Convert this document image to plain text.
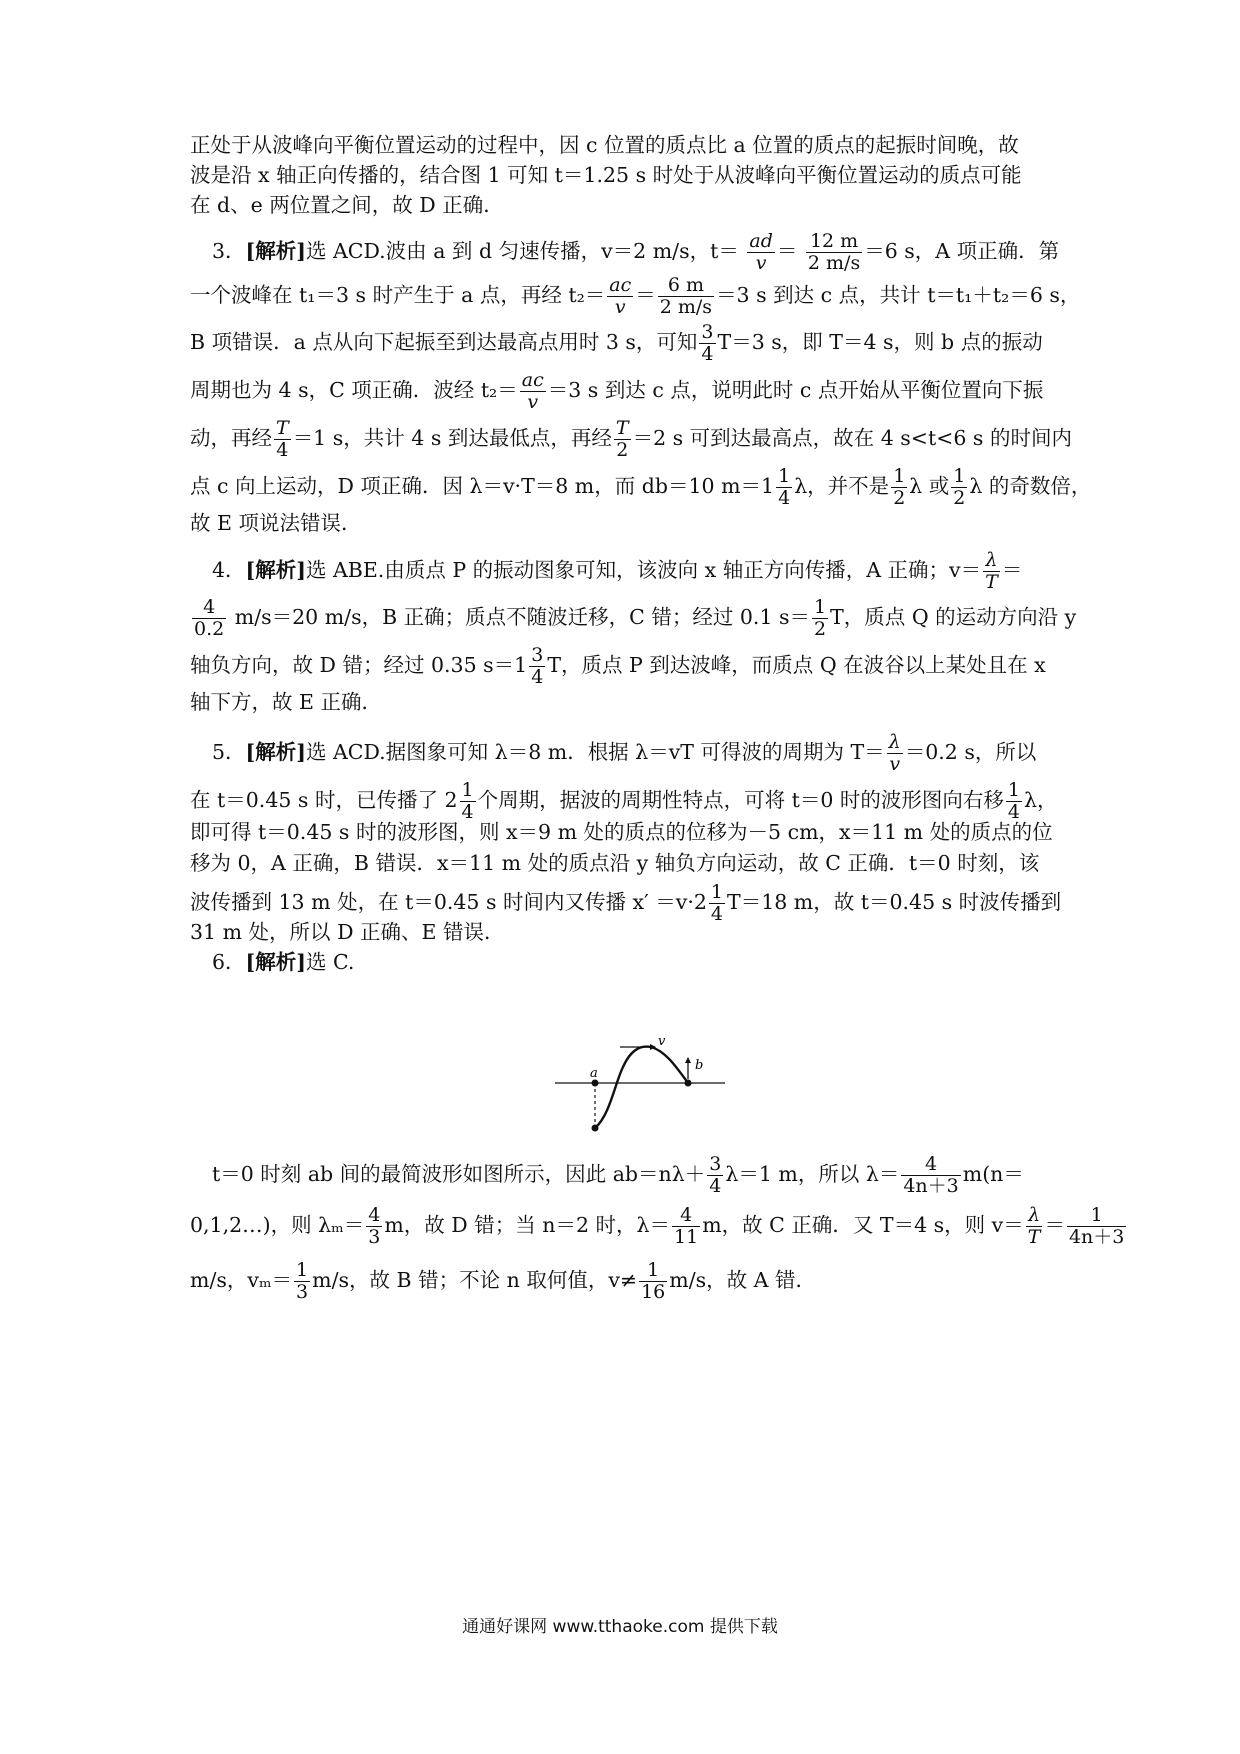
正处于从波峰向平衡位置运动的过程中，因 c 位置的质点比 a 位置的质点的起振时间晚，故
波是沿 x 轴正向传播的，结合图 1 可知 t＝1.25 s 时处于从波峰向平衡位置运动的质点可能
在 d、e 两位置之间，故 D 正确．
3．[解析]选 ACD.波由 a 到 d 匀速传播，v＝2 m/s，$t= \frac{ad}{v} = \frac{12 m}{2 m/s} =6$ s，A 项正确．第
一个波峰在 t₁＝3 s 时产生于 a 点，再经 $t_2= \frac{ac}{v} = \frac{6 m}{2 m/s} =3$ s 到达 c 点，共计 t＝t₁＋t₂＝6 s，
B 项错误．a 点从向下起振至到达最高点用时 3 s，可知 $\frac{3}{4} T=3$ s，即 T＝4 s，则 b 点的振动
周期也为 4 s，C 项正确．波经 $t_2= \frac{ac}{v} =3$ s 到达 c 点，说明此时 c 点开始从平衡位置向下振
动，再经 $\frac{T}{4} =1$ s，共计 4 s 到达最低点，再经 $\frac{T}{2} =2$ s 可到达最高点，故在 4 s<t<6 s 的时间内
点 c 向上运动，D 项正确．因 λ＝v·T＝8 m，而 db＝10 $m=1 \frac{1}{4}$ λ，并不是 $\frac{1}{2}$ λ 或 $\frac{1}{2}$ λ 的奇数倍，
故 E 项说法错误．
4．[解析]选 ABE.由质点 P 的振动图象可知，该波向 x 轴正方向传播，A 正确；$v= \frac{\lambda}{T}$ ＝
$\frac{4}{0.2} m/s=20$ m/s，B 正确；质点不随波迁移，C 错；经过 0.1 $s= \frac{1}{2}$ T，质点 Q 的运动方向沿 y
轴负方向，故 D 错；经过 0.35 $s=1 \frac{3}{4}$ T，质点 P 到达波峰，而质点 Q 在波谷以上某处且在 x
轴下方，故 E 正确．
5．[解析]选 ACD.据图象可知 λ＝8 m．根据 λ＝vT 可得波的周期为 $T= \frac{\lambda}{v} =0.2$ s，所以
在 t＝0.45 s 时，已传播了 $2 \frac{1}{4}$ 个周期，据波的周期性特点，可将 t＝0 时的波形图向右移 $\frac{1}{4}$ λ，
即可得 t＝0.45 s 时的波形图，则 x＝9 m 处的质点的位移为－5 cm，x＝11 m 处的质点的位
移为 0，A 正确，B 错误．x＝11 m 处的质点沿 y 轴负方向运动，故 C 正确．t＝0 时刻，该
波传播到 13 m 处，在 t＝0.45 s 时间内又传播 $x' =v\cdot 2 \frac{1}{4} T=18$ m，故 t＝0.45 s 时波传播到
31 m 处，所以 D 正确、E 错误．
6．[解析]选 C.
v
a
b
t＝0 时刻 ab 间的最简波形如图所示，因此 $ab=n\lambda+ \frac{3}{4} \lambda=1$ m，所以 $\lambda= \frac{4}{4n+3} m(n=$
0,1,2…)，则 $\lambda_m= \frac{4}{3}$ m，故 D 错；当 n＝2 时，$\lambda= \frac{4}{11}$ m，故 C 正确．又 T＝4 s，则 $v= \frac{\lambda}{T} = \frac{1}{4n+3}$
m/s，$v_m= \frac{1}{3} m/s$，故 B 错；不论 n 取何值，$v\ne \frac{1}{16} m/s$，故 A 错．
通通好课网 www.tthaoke.com 提供下载
